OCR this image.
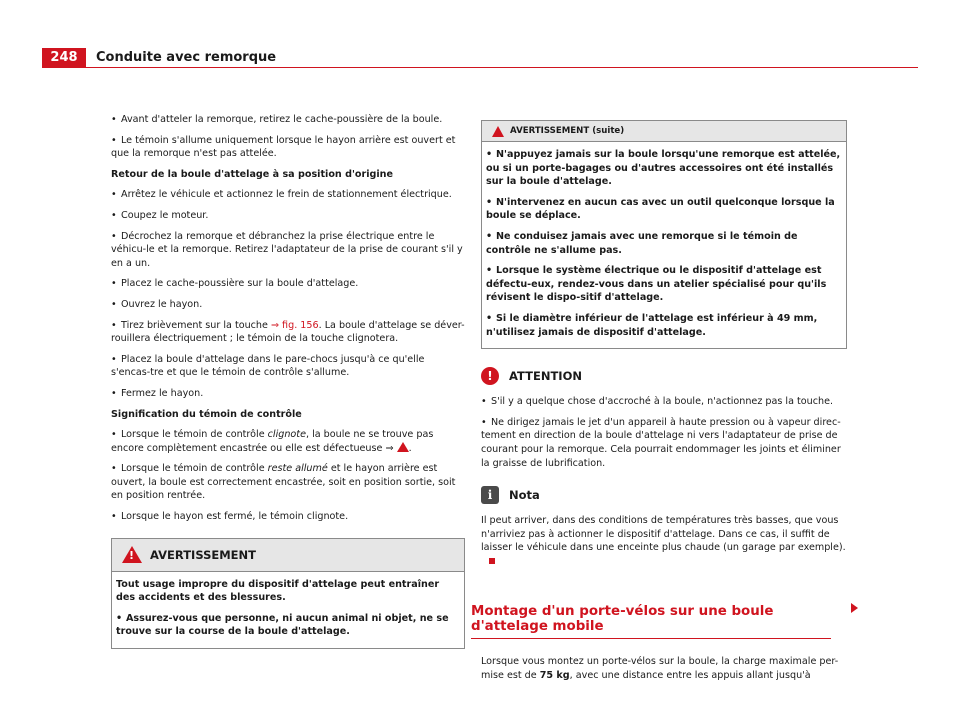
248	Conduite avec remorque

• Avant d'atteler la remorque, retirez le cache-poussière de la boule.

• Le témoin s'allume uniquement lorsque le hayon arrière est ouvert et que la remorque n'est pas attelée.

Retour de la boule d'attelage à sa position d'origine

• Arrêtez le véhicule et actionnez le frein de stationnement électrique.

• Coupez le moteur.

• Décrochez la remorque et débranchez la prise électrique entre le véhicu-le et la remorque. Retirez l'adaptateur de la prise de courant s'il y en a un.

• Placez le cache-poussière sur la boule d'attelage.

• Ouvrez le hayon.

• Tirez brièvement sur la touche ⇒ fig. 156. La boule d'attelage se déver-rouillera électriquement ; le témoin de la touche clignotera.

• Placez la boule d'attelage dans le pare-chocs jusqu'à ce qu'elle s'encas-tre et que le témoin de contrôle s'allume.

• Fermez le hayon.

Signification du témoin de contrôle

• Lorsque le témoin de contrôle clignote, la boule ne se trouve pas encore complètement encastrée ou elle est défectueuse ⇒ .

• Lorsque le témoin de contrôle reste allumé et le hayon arrière est ouvert, la boule est correctement encastrée, soit en position sortie, soit en position rentrée.

• Lorsque le hayon est fermé, le témoin clignote.

!
AVERTISSEMENT

Tout usage impropre du dispositif d'attelage peut entraîner des accidents et des blessures.

• Assurez-vous que personne, ni aucun animal ni objet, ne se trouve sur la course de la boule d'attelage.

AVERTISSEMENT (suite)

• N'appuyez jamais sur la boule lorsqu'une remorque est attelée, ou si un porte-bagages ou d'autres accessoires ont été installés sur la boule d'attelage.

• N'intervenez en aucun cas avec un outil quelconque lorsque la boule se déplace.

• Ne conduisez jamais avec une remorque si le témoin de contrôle ne s'allume pas.

• Lorsque le système électrique ou le dispositif d'attelage est défectu-eux, rendez-vous dans un atelier spécialisé pour qu'ils révisent le dispo-sitif d'attelage.

• Si le diamètre inférieur de l'attelage est inférieur à 49 mm, n'utilisez jamais de dispositif d'attelage.

!	ATTENTION

• S'il y a quelque chose d'accroché à la boule, n'actionnez pas la touche.

• Ne dirigez jamais le jet d'un appareil à haute pression ou à vapeur direc-tement en direction de la boule d'attelage ni vers l'adaptateur de prise de courant pour la remorque. Cela pourrait endommager les joints et éliminer la graisse de lubrification.

i	Nota

Il peut arriver, dans des conditions de températures très basses, que vous n'arriviez pas à actionner le dispositif d'attelage. Dans ce cas, il suffit de laisser le véhicule dans une enceinte plus chaude (un garage par exemple).

Montage d'un porte-vélos sur une boule d'attelage mobile

Lorsque vous montez un porte-vélos sur la boule, la charge maximale per-mise est de 75 kg, avec une distance entre les appuis allant jusqu'à
